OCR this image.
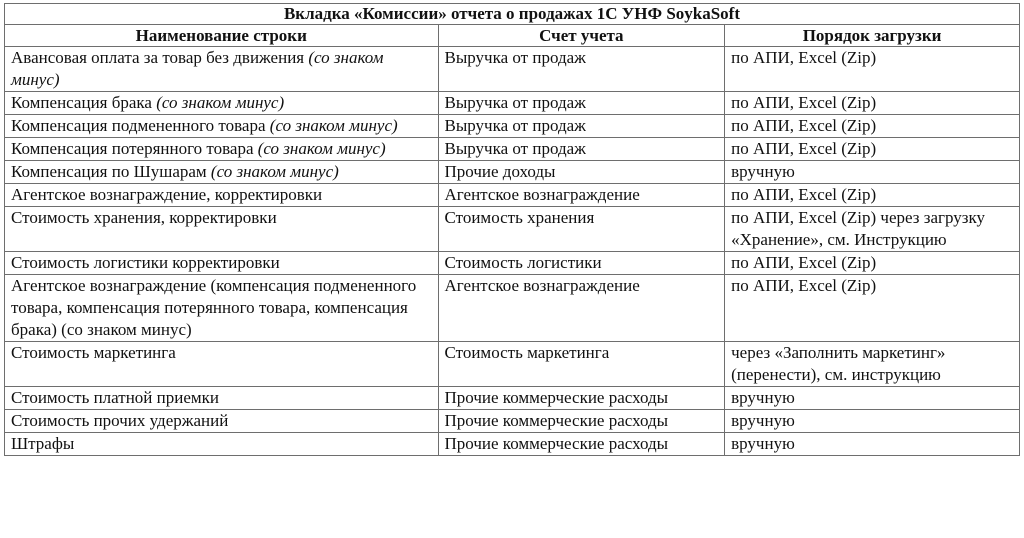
Вкладка «Комиссии» отчета о продажах 1С УНФ SoykaSoft		
Наименование строки	Счет учета	Порядок загрузки
Авансовая оплата за товар без движения (со знаком минус)	Выручка от продаж	по АПИ, Excel (Zip)
Компенсация брака (со знаком минус)	Выручка от продаж	по АПИ, Excel (Zip)
Компенсация подмененного товара (со знаком минус)	Выручка от продаж	по АПИ, Excel (Zip)
Компенсация потерянного товара (со знаком минус)	Выручка от продаж	по АПИ, Excel (Zip)
Компенсация по Шушарам (со знаком минус)	Прочие доходы	вручную
Агентское вознаграждение, корректировки	Агентское вознаграждение	по АПИ, Excel (Zip)
Стоимость хранения, корректировки	Стоимость хранения	по АПИ, Excel (Zip) через загрузку «Хранение», см. Инструкцию
Стоимость логистики корректировки	Стоимость логистики	по АПИ, Excel (Zip)
Агентское вознаграждение (компенсация подмененного товара, компенсация потерянного товара, компенсация брака) (со знаком минус)	Агентское вознаграждение	по АПИ, Excel (Zip)
Стоимость маркетинга	Стоимость маркетинга	через «Заполнить маркетинг» (перенести), см. инструкцию
Стоимость платной приемки	Прочие коммерческие расходы	вручную
Стоимость прочих удержаний	Прочие коммерческие расходы	вручную
Штрафы	Прочие коммерческие расходы	вручную
